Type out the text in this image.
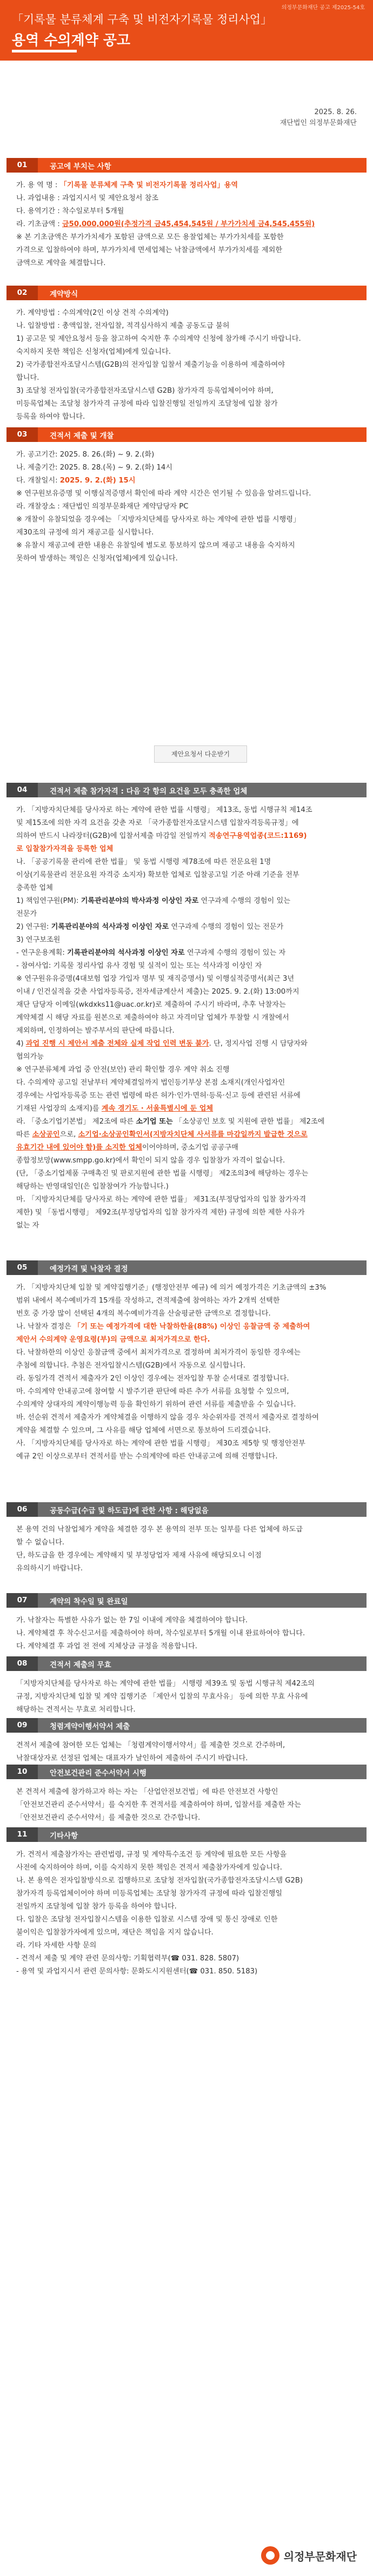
의정부문화재단 공고 제2025-54호
「기록물 분류체계 구축 및 비전자기록물 정리사업」
용역 수의계약 공고
2025. 8. 26.
재단법인 의정부문화재단
01	공고에 부치는 사항

가. 용 역 명 : 「기록물 분류체계 구축 및 비전자기록물 정리사업」용역

나. 과업내용 : 과업지시서 및 제안요청서 참조

다. 용역기간 : 착수일로부터 5개월

라. 기초금액 : 금50,000,000원(추정가격 금45,454,545원 / 부가가치세 금4,545,455원)

※ 본 기초금액은 부가가치세가 포함된 금액으로 모든 용찰업체는 부가가치세를 포함한

가격으로 입찰하여야 하며, 부가가치세 면세업체는 낙찰금액에서 부가가치세를 제외한

금액으로 계약을 체결합니다.

02	계약방식

가. 계약방법 : 수의계약(2인 이상 견적 수의계약)

나. 입찰방법 : 총액입찰, 전자입찰, 적격심사하지 제출 공동도급 불허

1) 공고문 및 제안요청서 등을 참고하여 숙지한 후 수의계약 신청에 참가해 주시기 바랍니다.

숙지하지 못한 책임은 신청자(업체)에게 있습니다.

2) 국가종합전자조달시스템(G2B)의 전자입찰 입찰서 제출기능을 이용하여 제출하여야

합니다.

3) 조달청 전자입찰(국가종합전자조달시스템 G2B) 참가자격 등록업체이어야 하며,

미등록업체는 조달청 참가자격 규정에 따라 입찰진행일 전일까지 조달청에 입찰 참가

등록을 하여야 합니다.

03	견적서 제출 및 개찰

가. 공고기간: 2025. 8. 26.(화) ~ 9. 2.(화)

나. 제출기간: 2025. 8. 28.(목) ~ 9. 2.(화) 14시

다. 개찰일시: 2025. 9. 2.(화) 15시

※ 연구원보유증명 및 이행실적증명서 확인에 따라 계약 시간은 연기될 수 있음을 알려드립니다.

라. 개찰장소 : 재단법인 의정부문화재단 계약담당자 PC

※ 개찰이 유찰되었을 경우에는 「지방자치단체를 당사자로 하는 계약에 관한 법률 시행령」

제30조의 규정에 의거 재공고를 실시합니다.

※ 유찰시 재공고에 관한 내용은 유찰일에 별도로 통보하지 않으며 재공고 내용을 숙지하지

못하여 발생하는 책임은 신청자(업체)에게 있습니다.

04	견적서 제출 참가자격 : 다음 각 항의 요건을 모두 충족한 업체

가. 「지방자치단체를 당사자로 하는 계약에 관한 법률 시행령」 제13조, 동법 시행규칙 제14조

및 제15조에 의한 자격 요건을 갖춘 자로 「국가종합전자조달시스템 입찰자격등록규정」에

의하여 반드시 나라장터(G2B)에 입찰서제출 마감일 전일까지 적송연구용역업종(코드:1169)

로 입찰참가자격을 등록한 업체

나. 「공공기록물 관리에 관한 법률」 및 동법 시행령 제78조에 따른 전문요원 1명

이상(기록물관리 전문요원 자격증 소지자) 확보한 업체로 입찰공고일 기준 아래 기준을 전부

충족한 업체

1) 책임연구원(PM): 기록관리분야의 박사과정 이상인 자로 연구과제 수행의 경험이 있는

전문가

2) 연구원: 기록관리분야의 석사과정 이상인 자로 연구과제 수행의 경험이 있는 전문가

3) 연구보조원

- 연구운용계획: 기록관리분야의 석사과정 이상인 자로 연구과제 수행의 경험이 있는 자

- 참여사업: 기록물 정리사업 유사 경험 및 실적이 있는 또는 석사과정 이상인 자

※ 연구원유유증명(4대보험 업장 가입자 명부 및 재직증명서) 및 이행실적증명서(최근 3년

이내 / 인건실적을 갖춘 사업자등록증, 전자세금계산서 제출)는 2025. 9. 2.(화) 13:00까지

재단 담당자 이메일(wkdxks11@uac.or.kr)로 제출하여 주시기 바라며, 추후 낙찰자는

계약체결 시 해당 자료를 원본으로 제출하여야 하고 자격미달 업체가 투찰할 시 개찰에서

제외하며, 인정하여는 발주부서의 판단에 따릅니다.

4) 과업 진행 시 제안서 제출 전체와 실제 작업 인력 변동 불가. 단, 정지사업 진행 시 담당자와

협의가능

※ 연구분류체계 과업 중 안전(보안) 관리 확인할 경우 계약 취소 진행

다. 수의계약 공고일 전날부터 계약체결일까지 법인등기부상 본점 소재지(개인사업자인

경우에는 사업자등록증 또는 관련 법령에 따른 허가·인가·면허·등록·신고 등에 관련된 서류에

기재된 사업장의 소재지)를 계속 경기도 · 서울특별시에 둔 업체

라. 「중소기업기본법」 제2조에 따른 소기업 또는 「소상공인 보호 및 지원에 관한 법률」 제2조에

따른 소상공인으로, 소기업·소상공인확인서(지방자치단체 사서류를 마감일까지 발급한 것으로

유효기간 내에 있어야 함)를 소지한 업체이어야하며, 중소기업 공공구매

종합정보망(www.smpp.go.kr)에서 확인이 되지 않을 경우 입찰참가 자격이 없습니다.

(단, 「중소기업제품 구매촉진 및 판로지원에 관한 법률 시행령」 제2조의3에 해당하는 경우는

해당하는 반영대일인(은 입찰참여가 가능합니다.)

마. 「지방자치단체를 당사자로 하는 계약에 관한 법률」 제31조(부정당업자의 입찰 참가자격

제한) 및 「동법시행령」 제92조(부정당업자의 입찰 참가자격 제한) 규정에 의한 제한 사유가

없는 자

05	예정가격 및 낙찰자 결정

가. 「지방자치단체 입찰 및 계약집행기준」(행정안전부 예규) 에 의거 예정가격은 기초금액의 ±3%

범위 내에서 복수예비가격 15개를 작성하고, 견적제출에 참여하는 자가 2개씩 선택한

번호 중 가장 많이 선택된 4개의 복수예비가격을 산술평균한 금액으로 결정합니다.

나. 낙찰자 결정은 「기 또는 예정가격에 대한 낙찰하한율(88%) 이상인 응찰금액 중 제출하여

제안서 수의계약 운영요령(부)의 금액으로 최저가격으로 한다.

다. 낙찰하한의 이상인 응찰금액 중에서 최저가격으로 결정하며 최저가격이 동일한 경우에는

추첨에 의합니다. 추첨은 전자입찰시스템(G2B)에서 자동으로 실시합니다.

라. 동일가격 견적서 제출자가 2인 이상인 경우에는 전자입찰 투찰 순서대로 결정합니다.

마. 수의계약 안내공고에 참여할 시 발주기관 판단에 따른 추가 서류를 요청할 수 있으며,

수의계약 상대자의 계약이행능력 등을 확인하기 위하여 관련 서류를 제출받을 수 있습니다.

바. 선순위 견적서 제출자가 계약체결을 이행하지 않을 경우 차순위자를 견적서 제출자로 결정하여

계약을 체결할 수 있으며, 그 사유를 해당 업체에 서면으로 통보하여 드리겠습니다.

사. 「지방자치단체를 당사자로 하는 계약에 관한 법률 시행령」 제30조 제5항 및 행정안전부

예규 2인 이상으로부터 견적서를 받는 수의계약에 따른 안내공고에 의해 진행합니다.

06	공동수급(수급 및 하도급)에 관한 사항 : 해당없음

본 용역 건의 낙찰업체가 계약을 체결한 경우 본 용역의 전부 또는 일부를 다른 업체에 하도급

할 수 없습니다.

단, 하도급을 한 경우에는 계약해지 및 부정당업자 제재 사유에 해당되오니 이점

유의하시기 바랍니다.

07	계약의 착수일 및 완료일

가. 낙찰자는 특별한 사유가 없는 한 7일 이내에 계약을 체결하여야 합니다.

나. 계약체결 후 착수신고서를 제출하여야 하며, 착수일로부터 5개월 이내 완료하여야 합니다.

다. 계약체결 후 과업 전 전에 지체상금 규정을 적용합니다.

08	견적서 제출의 무효

「지방자치단체를 당사자로 하는 계약에 관한 법률」 시행령 제39조 및 동법 시행규칙 제42조의

규정, 지방자치단체 입찰 및 계약 집행기준 「제안서 입찰의 무효사유」 등에 의한 무효 사유에

해당하는 견적서는 무효로 처리합니다.

09	청렴계약이행서약서 제출

견적서 제출에 참여한 모든 업체는 「청렴계약이행서약서」를 제출한 것으로 간주하며,

낙찰대상자로 선정된 업체는 대표자가 날인하여 제출하여 주시기 바랍니다.

10	안전보건관리 준수서약서 시행

본 견적서 제출에 참가하고자 하는 자는 「산업안전보건법」에 따른 안전보건 사항인

「안전보건관리 준수서약서」를 숙지한 후 견적서를 제출하여야 하며, 입찰서를 제출한 자는

「안전보건관리 준수서약서」를 제출한 것으로 간주합니다.

11	기타사항

가. 견적서 제출참가자는 관련법령, 규정 및 계약특수조건 등 계약에 필요한 모든 사항을

사전에 숙지하여야 하며, 이를 숙지하지 못한 책임은 견적서 제출참가자에게 있습니다.

나. 본 용역은 전자입찰방식으로 집행하므로 조달청 전자입찰(국가종합전자조달시스템 G2B)

참가자격 등록업체이어야 하며 미등록업체는 조달청 참가자격 규정에 따라 입찰진행일

전일까지 조달청에 입찰 참가 등록을 하여야 합니다.

다. 입찰은 조달청 전자입찰시스템을 이용한 입찰로 시스템 장애 및 통신 장애로 인한

불이익은 입찰참가자에게 있으며, 재단은 책임을 지지 않습니다.

라. 기타 자세한 사항 문의

- 견적서 제출 및 계약 관련 문의사항: 기획협력부(☎ 031. 828. 5807)

- 용역 및 과업지시서 관련 문의사항: 문화도시지원센터(☎ 031. 850. 5183)

제안요청서 다운받기
의정부문화재단
